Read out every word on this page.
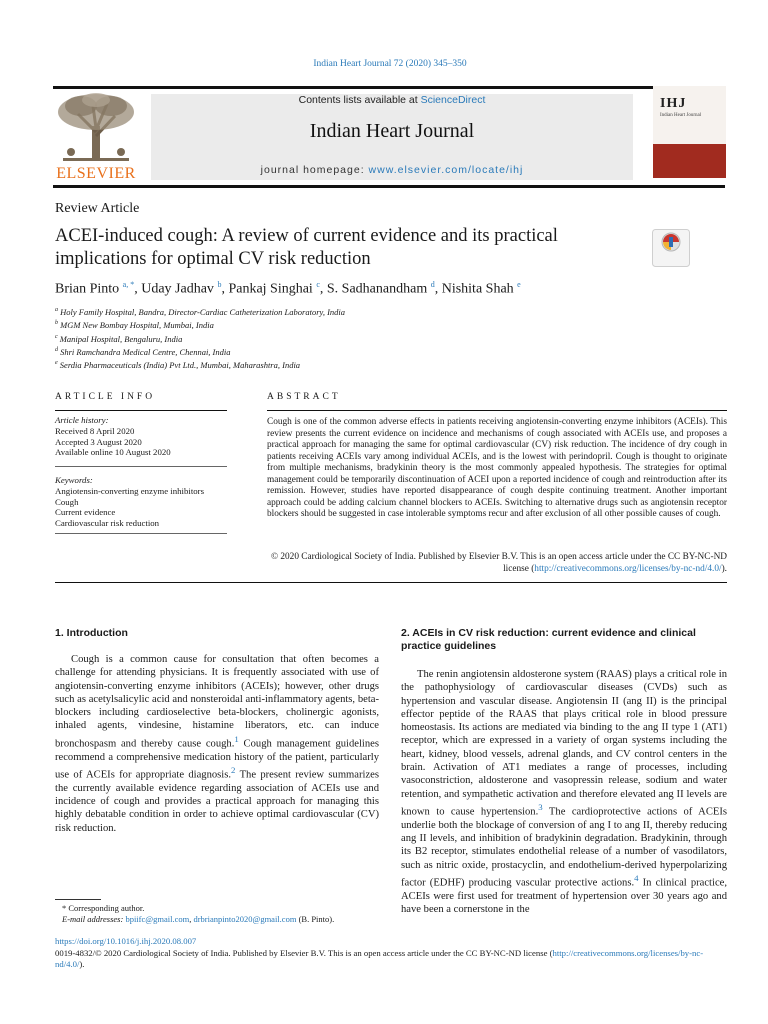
Indian Heart Journal 72 (2020) 345–350
ELSEVIER
Contents lists available at ScienceDirect
Indian Heart Journal
journal homepage: www.elsevier.com/locate/ihj
IHJ
Indian Heart Journal
Review Article
ACEI-induced cough: A review of current evidence and its practical implications for optimal CV risk reduction
Brian Pinto $^{a, *}$, Uday Jadhav $^b$, Pankaj Singhai $^c$, S. Sadhanandham $^d$, Nishita Shah $^e$
$^a$ Holy Family Hospital, Bandra, Director-Cardiac Catheterization Laboratory, India
$^b$ MGM New Bombay Hospital, Mumbai, India
$^c$ Manipal Hospital, Bengaluru, India
$^d$ Shri Ramchandra Medical Centre, Chennai, India
$^e$ Serdia Pharmaceuticals (India) Pvt Ltd., Mumbai, Maharashtra, India
ARTICLE INFO	ABSTRACT
Article history:
Received 8 April 2020
Accepted 3 August 2020
Available online 10 August 2020
Keywords:
Angiotensin-converting enzyme inhibitors
Cough
Current evidence
Cardiovascular risk reduction
Cough is one of the common adverse effects in patients receiving angiotensin-converting enzyme inhibitors (ACEIs). This review presents the current evidence on incidence and mechanisms of cough associated with ACEIs use, and proposes a practical approach for managing the same for optimal cardiovascular (CV) risk reduction. The incidence of dry cough in patients receiving ACEIs vary among individual ACEIs, and is the lowest with perindopril. Cough is thought to originate from multiple mechanisms, bradykinin theory is the most commonly appealed hypothesis. The strategies for optimal management could be temporarily discontinuation of ACEI upon a reported incidence of cough and reintroduction after its remission. However, studies have reported disappearance of cough despite continuing treatment. Another important approach could be adding calcium channel blockers to ACEIs. Switching to alternative drugs such as angiotensin receptor blockers should be suggested in case intolerable symptoms recur and after exclusion of all other possible causes of cough.
© 2020 Cardiological Society of India. Published by Elsevier B.V. This is an open access article under the CC BY-NC-ND license (http://creativecommons.org/licenses/by-nc-nd/4.0/).
1. Introduction
Cough is a common cause for consultation that often becomes a challenge for attending physicians. It is frequently associated with use of angiotensin-converting enzyme inhibitors (ACEIs); however, other drugs such as acetylsalicylic acid and nonsteroidal anti-inflammatory agents, beta-blockers including cardioselective beta-blockers, cholinergic agonists, inhaled agents, vindesine, histamine liberators, etc. can induce bronchospasm and thereby cause cough.$^1$ Cough management guidelines recommend a comprehensive medication history of the patient, particularly use of ACEIs for appropriate diagnosis.$^2$ The present review summarizes the currently available evidence regarding association of ACEIs use and incidence of cough and provides a practical approach for managing this highly debatable condition in order to achieve optimal cardiovascular (CV) risk reduction.
2. ACEIs in CV risk reduction: current evidence and clinical practice guidelines
The renin angiotensin aldosterone system (RAAS) plays a critical role in the pathophysiology of cardiovascular diseases (CVDs) such as hypertension and vascular disease. Angiotensin II (ang II) is the principal effector peptide of the RAAS that plays critical role in blood pressure homeostasis. Its actions are mediated via binding to the ang II type 1 (AT1) receptor, which are expressed in a variety of organ systems including the heart, kidney, blood vessels, adrenal glands, and CV control centers in the brain. Activation of AT1 mediates a range of processes, including vasoconstriction, aldosterone and vasopressin release, sodium and water retention, and sympathetic activation and therefore elevated ang II levels are known to cause hypertension.$^3$ The cardioprotective actions of ACEIs underlie both the blockage of conversion of ang I to ang II, thereby reducing ang II levels, and inhibition of bradykinin degradation. Bradykinin, through its B2 receptor, stimulates endothelial release of a number of vasodilators, such as nitric oxide, prostacyclin, and endothelium-derived hyperpolarizing factor (EDHF) producing vascular protective actions.$^4$ In clinical practice, ACEIs were first used for treatment of hypertension over 30 years ago and have been a cornerstone in the
* Corresponding author.
E-mail addresses: bpiifc@gmail.com, drbrianpinto2020@gmail.com (B. Pinto).
https://doi.org/10.1016/j.ihj.2020.08.007
0019-4832/© 2020 Cardiological Society of India. Published by Elsevier B.V. This is an open access article under the CC BY-NC-ND license (http://creativecommons.org/licenses/by-nc-nd/4.0/).
